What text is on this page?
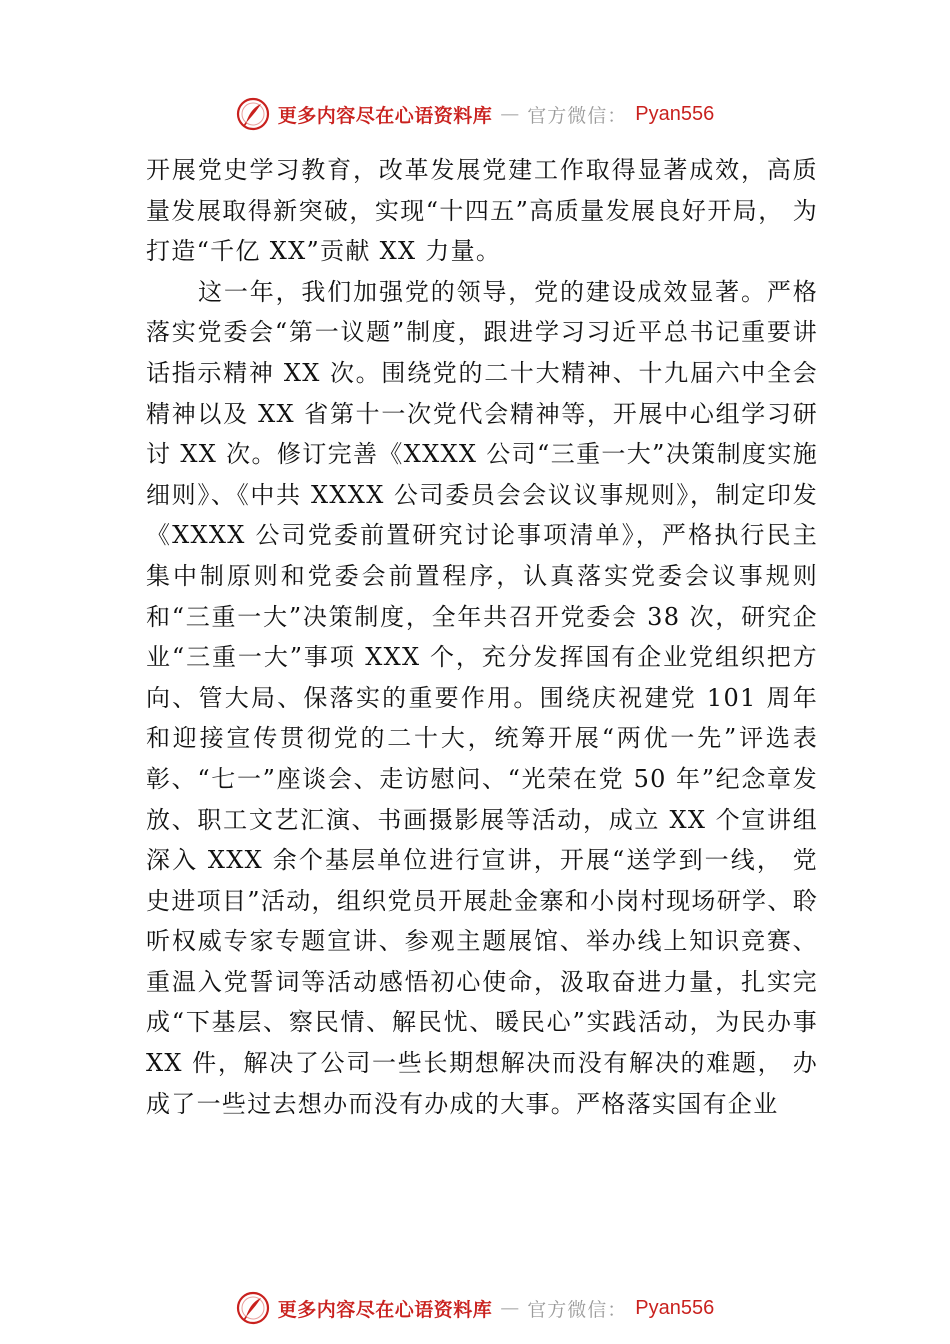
更多内容尽在心语资料库 — 官方微信： Pyan556

开展党史学习教育，改革发展党建工作取得显著成效，高质量发展取得新突破，实现“十四五”高质量发展良好开局， 为打造“千亿 XX”贡献 XX 力量。

这一年，我们加强党的领导，党的建设成效显著。严格落实党委会“第一议题”制度，跟进学习习近平总书记重要讲话指示精神 XX 次。围绕党的二十大精神、十九届六中全会精神以及 XX 省第十一次党代会精神等，开展中心组学习研讨 XX 次。修订完善《XXXX 公司“三重一大”决策制度实施细则》、《中共 XXXX 公司委员会会议议事规则》，制定印发《XXXX 公司党委前置研究讨论事项清单》，严格执行民主集中制原则和党委会前置程序，认真落实党委会议事规则和“三重一大”决策制度，全年共召开党委会 38 次，研究企业“三重一大”事项 XXX 个，充分发挥国有企业党组织把方向、管大局、保落实的重要作用。围绕庆祝建党 101 周年和迎接宣传贯彻党的二十大，统筹开展“两优一先”评选表彰、“七一”座谈会、走访慰问、“光荣在党 50 年”纪念章发放、职工文艺汇演、书画摄影展等活动，成立 XX 个宣讲组深入 XXX 余个基层单位进行宣讲，开展“送学到一线， 党史进项目”活动，组织党员开展赴金寨和小岗村现场研学、聆听权威专家专题宣讲、参观主题展馆、举办线上知识竞赛、重温入党誓词等活动感悟初心使命，汲取奋进力量，扎实完成“下基层、察民情、解民忧、暖民心”实践活动，为民办事 XX 件，解决了公司一些长期想解决而没有解决的难题， 办成了一些过去想办而没有办成的大事。严格落实国有企业

更多内容尽在心语资料库 — 官方微信： Pyan556
